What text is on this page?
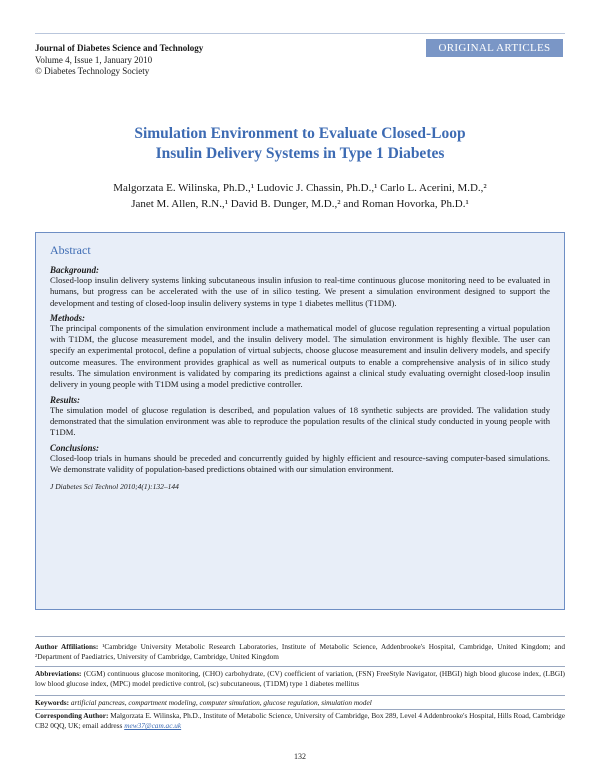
Journal of Diabetes Science and Technology
Volume 4, Issue 1, January 2010
© Diabetes Technology Society
ORIGINAL ARTICLES
Simulation Environment to Evaluate Closed-Loop
Insulin Delivery Systems in Type 1 Diabetes
Malgorzata E. Wilinska, Ph.D.,¹ Ludovic J. Chassin, Ph.D.,¹ Carlo L. Acerini, M.D.,²
Janet M. Allen, R.N.,¹ David B. Dunger, M.D.,² and Roman Hovorka, Ph.D.¹
Abstract
Background:

Closed-loop insulin delivery systems linking subcutaneous insulin infusion to real-time continuous glucose monitoring need to be evaluated in humans, but progress can be accelerated with the use of in silico testing. We present a simulation environment designed to support the development and testing of closed-loop insulin delivery systems in type 1 diabetes mellitus (T1DM).

Methods:

The principal components of the simulation environment include a mathematical model of glucose regulation representing a virtual population with T1DM, the glucose measurement model, and the insulin delivery model. The simulation environment is highly flexible. The user can specify an experimental protocol, define a population of virtual subjects, choose glucose measurement and insulin delivery models, and specify outcome measures. The environment provides graphical as well as numerical outputs to enable a comprehensive analysis of in silico study results. The simulation environment is validated by comparing its predictions against a clinical study evaluating overnight closed-loop insulin delivery in young people with T1DM using a model predictive controller.

Results:

The simulation model of glucose regulation is described, and population values of 18 synthetic subjects are provided. The validation study demonstrated that the simulation environment was able to reproduce the population results of the clinical study conducted in young people with T1DM.

Conclusions:

Closed-loop trials in humans should be preceded and concurrently guided by highly efficient and resource-saving computer-based simulations. We demonstrate validity of population-based predictions obtained with our simulation environment.

J Diabetes Sci Technol 2010;4(1):132–144

Author Affiliations: ¹Cambridge University Metabolic Research Laboratories, Institute of Metabolic Science, Addenbrooke's Hospital, Cambridge, United Kingdom; and ²Department of Paediatrics, University of Cambridge, Cambridge, United Kingdom
Abbreviations: (CGM) continuous glucose monitoring, (CHO) carbohydrate, (CV) coefficient of variation, (FSN) FreeStyle Navigator, (HBGI) high blood glucose index, (LBGI) low blood glucose index, (MPC) model predictive control, (sc) subcutaneous, (T1DM) type 1 diabetes mellitus
Keywords: artificial pancreas, compartment modeling, computer simulation, glucose regulation, simulation model
Corresponding Author: Malgorzata E. Wilinska, Ph.D., Institute of Metabolic Science, University of Cambridge, Box 289, Level 4 Addenbrooke's Hospital, Hills Road, Cambridge CB2 0QQ, UK; email address mew37@cam.ac.uk
132
